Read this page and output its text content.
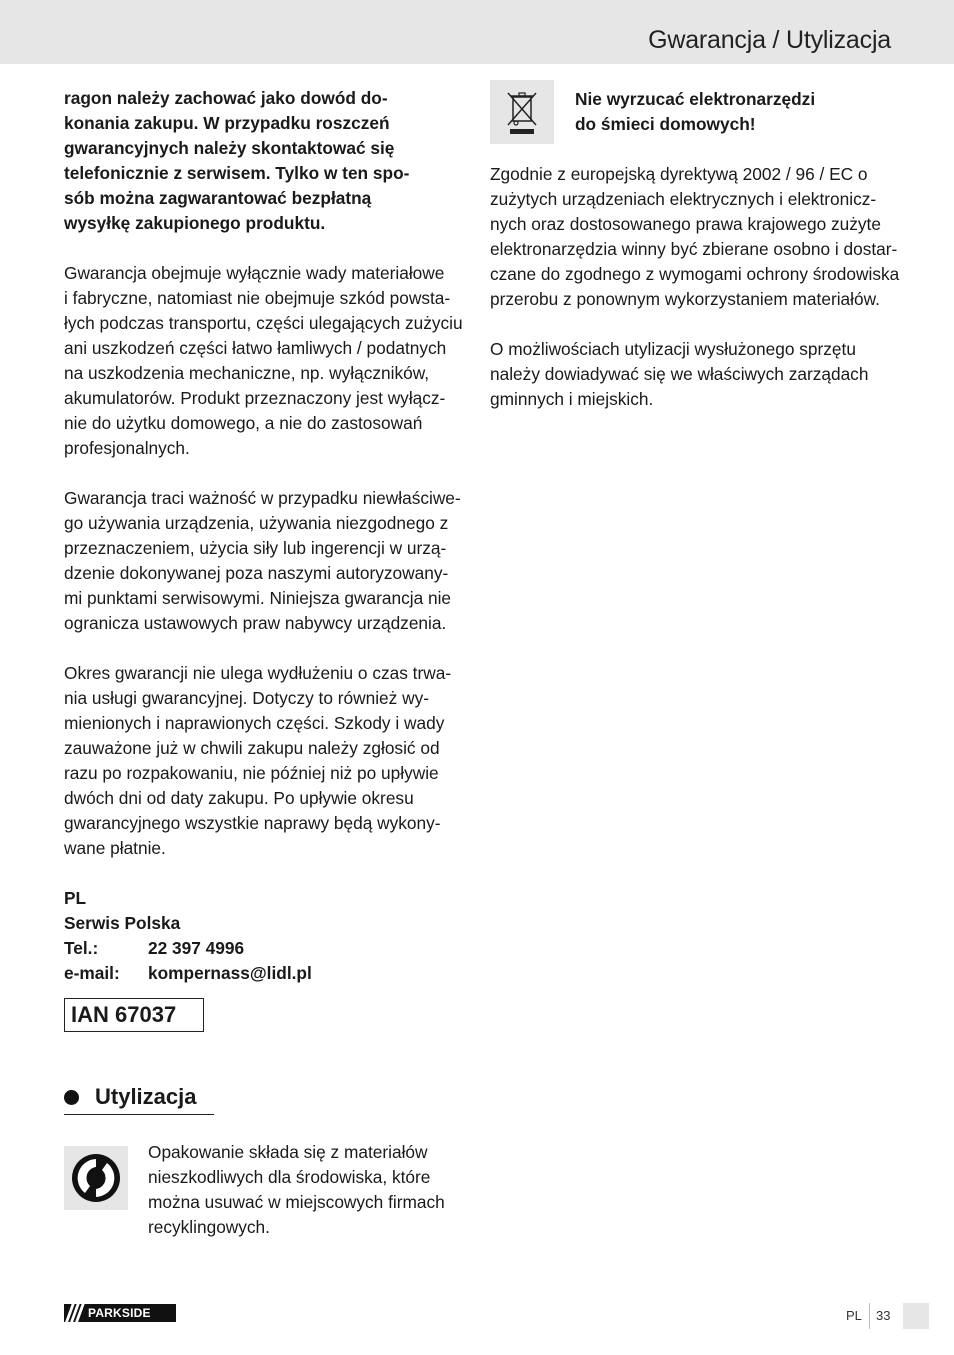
Gwarancja / Utylizacja
ragon należy zachować jako dowód do-
konania zakupu. W przypadku roszczeń
gwarancyjnych należy skontaktować się
telefonicznie z serwisem. Tylko w ten spo-
sób można zagwarantować bezpłatną
wysyłkę zakupionego produktu.
Gwarancja obejmuje wyłącznie wady materiałowe
i fabryczne, natomiast nie obejmuje szkód powsta-
łych podczas transportu, części ulegających zużyciu
ani uszkodzeń części łatwo łamliwych / podatnych
na uszkodzenia mechaniczne, np. wyłączników,
akumulatorów. Produkt przeznaczony jest wyłącz-
nie do użytku domowego, a nie do zastosowań
profesjonalnych.
Gwarancja traci ważność w przypadku niewłaściwe-
go używania urządzenia, używania niezgodnego z
przeznaczeniem, użycia siły lub ingerencji w urzą-
dzenie dokonywanej poza naszymi autoryzowany-
mi punktami serwisowymi. Niniejsza gwarancja nie
ogranicza ustawowych praw nabywcy urządzenia.
Okres gwarancji nie ulega wydłużeniu o czas trwa-
nia usługi gwarancyjnej. Dotyczy to również wy-
mienionych i naprawionych części. Szkody i wady
zauważone już w chwili zakupu należy zgłosić od
razu po rozpakowaniu, nie później niż po upływie
dwóch dni od daty zakupu. Po upływie okresu
gwarancyjnego wszystkie naprawy będą wykony-
wane płatnie.
PL
Serwis Polska
Tel.:	22 397 4996
e-mail:	kompernass@lidl.pl
IAN 67037
Utylizacja
Opakowanie składa się z materiałów
nieszkodliwych dla środowiska, które
można usuwać w miejscowych firmach
recyklingowych.
Nie wyrzucać elektronarzędzi
do śmieci domowych!
Zgodnie z europejską dyrektywą 2002 / 96 / EC o
zużytych urządzeniach elektrycznych i elektronicz-
nych oraz dostosowanego prawa krajowego zużyte
elektronarzędzia winny być zbierane osobno i dostar-
czane do zgodnego z wymogami ochrony środowiska
przerobu z ponownym wykorzystaniem materiałów.
O możliwościach utylizacji wysłużonego sprzętu
należy dowiadywać się we właściwych zarządach
gminnych i miejskich.
PARKSIDE	PL 33
